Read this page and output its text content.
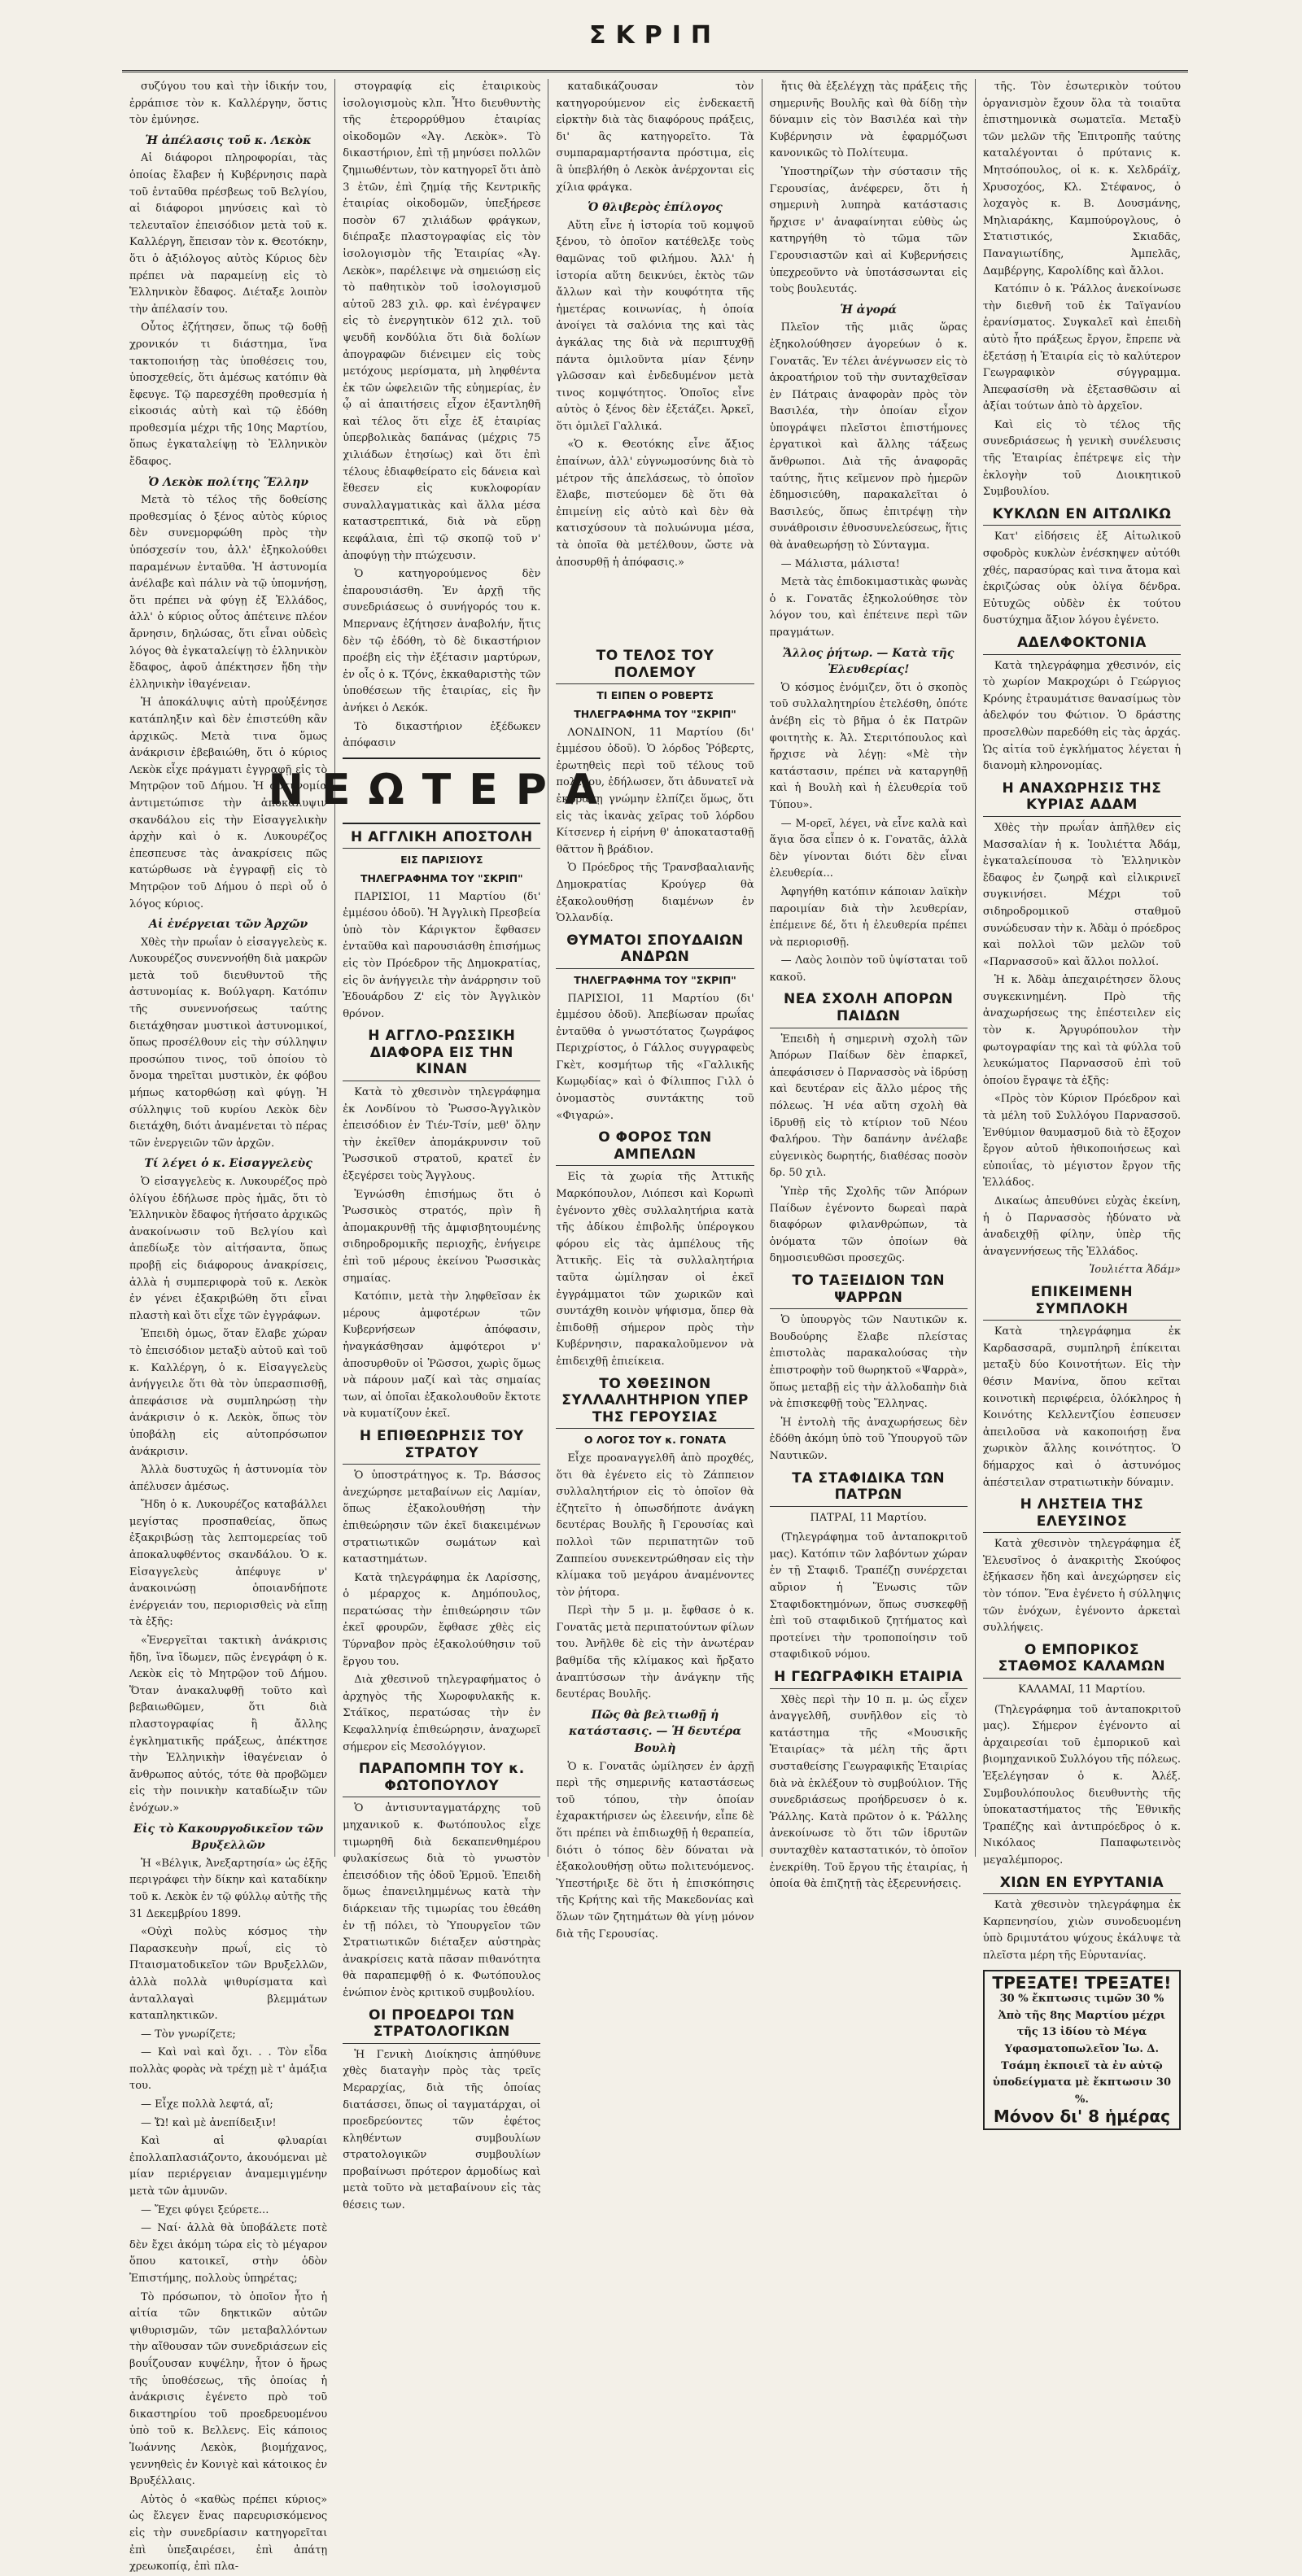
ΣΚΡΙΠ

συζύγου του καὶ τὴν ἰδικήν του, ἐρράπισε τὸν κ. Καλλέργην, ὅστις τὸν ἐμύνησε.

Ἡ ἀπέλασις τοῦ κ. Λεκὸκ

Αἱ διάφοροι πληροφορίαι, τὰς ὁποίας ἔλαβεν ἡ Κυβέρνησις παρὰ τοῦ ἐνταῦθα πρέσβεως τοῦ Βελγίου, αἱ διάφοροι μηνύσεις καὶ τὸ τελευταῖον ἐπεισόδιον μετὰ τοῦ κ. Καλλέργη, ἔπεισαν τὸν κ. Θεοτόκην, ὅτι ὁ ἀξιόλογος αὐτὸς Κύριος δὲν πρέπει νὰ παραμείνῃ εἰς τὸ Ἑλληνικὸν ἔδαφος. Διέταξε λοιπὸν τὴν ἀπέλασίν του.

Οὗτος ἐζήτησεν, ὅπως τῷ δοθῇ χρονικόν τι διάστημα, ἵνα τακτοποιήσῃ τὰς ὑποθέσεις του, ὑποσχεθείς, ὅτι ἀμέσως κατόπιν θὰ ἔφευγε. Τῷ παρεσχέθη προθεσμία ἡ εἰκοσιάς αὐτὴ καὶ τῷ ἐδόθη προθεσμία μέχρι τῆς 10ης Μαρτίου, ὅπως ἐγκαταλείψῃ τὸ Ἑλληνικὸν ἔδαφος.

Ὁ Λεκὸκ πολίτης Ἕλλην

Μετὰ τὸ τέλος τῆς δοθείσης προθεσμίας ὁ ξένος αὐτὸς κύριος δὲν συνεμορφώθη πρὸς τὴν ὑπόσχεσίν του, ἀλλ' ἐξηκολούθει παραμένων ἐνταῦθα. Ἡ ἀστυνομία ἀνέλαβε καὶ πάλιν νὰ τῷ ὑπομνήσῃ, ὅτι πρέπει νὰ φύγῃ ἐξ Ἑλλάδος, ἀλλ' ὁ κύριος οὗτος ἀπέτεινε πλέον ἄρνησιν, δηλώσας, ὅτι εἶναι οὐδεὶς λόγος θὰ ἐγκαταλείψῃ τὸ ἑλληνικὸν ἔδαφος, ἀφοῦ ἀπέκτησεν ἤδη τὴν ἑλληνικὴν ἰθαγένειαν.

Ἡ ἀποκάλυψις αὐτὴ προὐξένησε κατάπληξιν καὶ δὲν ἐπιστεύθη κἂν ἀρχικῶς. Μετὰ τινα ὅμως ἀνάκρισιν ἐβεβαιώθη, ὅτι ὁ κύριος Λεκὸκ εἶχε πράγματι ἐγγραφῇ εἰς τὸ Μητρῷον τοῦ Δήμου. Ἡ ἀστυνομία ἀντιμετώπισε τὴν ἀποκάλυψιν σκανδάλου εἰς τὴν Εἰσαγγελικὴν ἀρχὴν καὶ ὁ κ. Λυκουρέζος ἐπεσπευσε τὰς ἀνακρίσεις πῶς κατώρθωσε νὰ ἐγγραφῇ εἰς τὸ Μητρῷον τοῦ Δήμου ὁ περὶ οὗ ὁ λόγος κύριος.

Αἱ ἐνέργειαι τῶν Ἀρχῶν

Χθὲς τὴν πρωΐαν ὁ εἰσαγγελεὺς κ. Λυκουρέζος συνεννοήθη διὰ μακρῶν μετὰ τοῦ διευθυντοῦ τῆς ἀστυνομίας κ. Βούλγαρη. Κατόπιν τῆς συνεννοήσεως ταύτης διετάχθησαν μυστικοὶ ἀστυνομικοί, ὅπως προσέλθουν εἰς τὴν σύλληψιν προσώπου τινος, τοῦ ὁποίου τὸ ὄνομα τηρεῖται μυστικὸν, ἐκ φόβου μήπως κατορθώσῃ καὶ φύγῃ. Ἡ σύλληψις τοῦ κυρίου Λεκὸκ δὲν διετάχθη, διότι ἀναμένεται τὸ πέρας τῶν ἐνεργειῶν τῶν ἀρχῶν.

Τί λέγει ὁ κ. Εἰσαγγελεὺς

Ὁ εἰσαγγελεὺς κ. Λυκουρέζος πρὸ ὀλίγου ἐδήλωσε πρὸς ἡμᾶς, ὅτι τὸ Ἑλληνικὸν ἔδαφος ἠτήσατο ἀρχικῶς ἀνακοίνωσιν τοῦ Βελγίου καὶ ἀπεδίωξε τὸν αἰτήσαντα, ὅπως προβῇ εἰς διάφορους ἀνακρίσεις, ἀλλὰ ἡ συμπεριφορὰ τοῦ κ. Λεκὸκ ἐν γένει ἐξακριβώθη ὅτι εἶναι πλαστὴ καὶ ὅτι εἶχε τῶν ἐγγράφων.

Ἐπειδὴ ὁμως, ὅταν ἔλαβε χώραν τὸ ἐπεισόδιον μεταξὺ αὐτοῦ καὶ τοῦ κ. Καλλέργη, ὁ κ. Εἰσαγγελεὺς ἀνήγγειλε ὅτι θὰ τὸν ὑπερασπισθῇ, ἀπεφάσισε νὰ συμπληρώσῃ τὴν ἀνάκρισιν ὁ κ. Λεκὸκ, ὅπως τὸν ὑποβάλῃ εἰς αὐτοπρόσωπον ἀνάκρισιν.

Ἀλλὰ δυστυχῶς ἡ ἀστυνομία τὸν ἀπέλυσεν ἀμέσως.

Ἤδη ὁ κ. Λυκουρέζος καταβάλλει μεγίστας προσπαθείας, ὅπως ἐξακριβώσῃ τὰς λεπτομερείας τοῦ ἀποκαλυφθέντος σκανδάλου. Ὁ κ. Εἰσαγγελεὺς ἀπέφυγε ν' ἀνακοινώσῃ ὁποιανδήποτε ἐνέργειάν του, περιορισθεὶς νὰ εἴπῃ τὰ ἑξῆς:

«Ἐνεργεῖται τακτικὴ ἀνάκρισις ἤδη, ἵνα ἴδωμεν, πῶς ἐνεγράφη ὁ κ. Λεκὸκ εἰς τὸ Μητρῷον τοῦ Δήμου. Ὅταν ἀνακαλυφθῇ τοῦτο καὶ βεβαιωθῶμεν, ὅτι διὰ πλαστογραφίας ἢ ἄλλης ἐγκληματικῆς πράξεως, ἀπέκτησε τὴν Ἑλληνικὴν ἰθαγένειαν ὁ ἄνθρωπος αὐτός, τότε θὰ προβῶμεν εἰς τὴν ποινικὴν καταδίωξιν τῶν ἐνόχων.»

Εἰς τὸ Κακουργοδικεῖον τῶν Βρυξελλῶν

Ἡ «Βέλγικ, Ἀνεξαρτησία» ὡς ἑξῆς περιγράφει τὴν δίκην καὶ καταδίκην τοῦ κ. Λεκὸκ ἐν τῷ φύλλῳ αὐτῆς τῆς 31 Δεκεμβρίου 1899.

«Οὐχὶ πολὺς κόσμος τὴν Παρασκευὴν πρωΐ, εἰς τὸ Πταισματοδικεῖον τῶν Βρυξελλῶν, ἀλλὰ πολλὰ ψιθυρίσματα καὶ ἀνταλλαγαὶ βλεμμάτων καταπληκτικῶν.

— Τὸν γνωρίζετε;

— Καὶ ναὶ καὶ ὄχι. . . Τὸν εἶδα πολλὰς φορὰς νὰ τρέχῃ μὲ τ' ἁμάξια του.

— Εἶχε πολλὰ λεφτά, αἴ;

— Ὤ! καὶ μὲ ἀνεπίδειξιν!

Καὶ αἱ φλυαρίαι ἐπολλαπλασιάζοντο, ἀκουόμεναι μὲ μίαν περιέργειαν ἀναμεμιγμένην μετὰ τῶν ἀμυνῶν.

— Ἔχει φύγει ξεύρετε...

— Ναί· ἀλλὰ θὰ ὑποβάλετε ποτὲ δὲν ἔχει ἀκόμη τώρα εἰς τὸ μέγαρον ὅπου κατοικεῖ, στὴν ὁδὸν Ἐπιστήμης, πολλοὺς ὑπηρέτας;

Τὸ πρόσωπον, τὸ ὁποῖον ἦτο ἡ αἰτία τῶν δηκτικῶν αὐτῶν ψιθυρισμῶν, τῶν μεταβαλλόντων τὴν αἴθουσαν τῶν συνεδριάσεων εἰς βουΐζουσαν κυψέλην, ἦτον ὁ ἥρως τῆς ὑποθέσεως, τῆς ὁποίας ἡ ἀνάκρισις ἐγένετο πρὸ τοῦ δικαστηρίου τοῦ προεδρευομένου ὑπὸ τοῦ κ. Βελλενς. Εἰς κάποιος Ἰωάννης Λεκὸκ, βιομήχανος, γεννηθεὶς ἐν Κονιγὲ καὶ κάτοικος ἐν Βρυξέλλαις.

Αὐτὸς ὁ «καθὼς πρέπει κύριος» ὡς ἔλεγεν ἕνας παρευρισκόμενος εἰς τὴν συνεδρίασιν κατηγορεῖται ἐπὶ ὑπεξαιρέσει, ἐπὶ ἀπάτῃ χρεωκοπίᾳ, ἐπὶ πλα-

στογραφίᾳ εἰς ἑταιρικοὺς ἰσολογισμοὺς κλπ. Ἦτο διευθυντὴς τῆς ἑτερορρύθμου ἑταιρίας οἰκοδομῶν «Ἀγ. Λεκὸκ». Τὸ δικαστήριον, ἐπὶ τῇ μηνύσει πολλῶν ζημιωθέντων, τὸν κατηγορεῖ ὅτι ἀπὸ 3 ἐτῶν, ἐπὶ ζημίᾳ τῆς Κεντρικῆς ἑταιρίας οἰκοδομῶν, ὑπεξήρεσε ποσὸν 67 χιλιάδων φράγκων, διέπραξε πλαστογραφίας εἰς τὸν ἰσολογισμὸν τῆς Ἑταιρίας «Ἀγ. Λεκὸκ», παρέλειψε νὰ σημειώσῃ εἰς τὸ παθητικὸν τοῦ ἰσολογισμοῦ αὐτοῦ 283 χιλ. φρ. καὶ ἐνέγραψεν εἰς τὸ ἐνεργητικὸν 612 χιλ. τοῦ ψευδῆ κονδύλια ὅτι διὰ δολίων ἀπογραφῶν διένειμεν εἰς τοὺς μετόχους μερίσματα, μὴ ληφθέντα ἐκ τῶν ὠφελειῶν τῆς εὐημερίας, ἐν ᾧ αἱ ἀπαιτήσεις εἶχον ἐξαντληθῆ καὶ τέλος ὅτι εἶχε ἐξ ἐταιρίας ὑπερβολικὰς δαπάνας (μέχρις 75 χιλιάδων ἐτησίως) καὶ ὅτι ἐπὶ τέλους ἐδιαφθείρατο εἰς δάνεια καὶ ἔθεσεν εἰς κυκλοφορίαν συναλλαγματικὰς καὶ ἄλλα μέσα καταστρεπτικά, διὰ νὰ εὕρῃ κεφάλαια, ἐπὶ τῷ σκοπῷ τοῦ ν' ἀποφύγῃ τὴν πτώχευσιν.

Ὁ κατηγορούμενος δὲν ἐπαρουσιάσθη. Ἐν ἀρχῇ τῆς συνεδριάσεως ὁ συνήγορός του κ. Μπερνανς ἐζήτησεν ἀναβολήν, ἥτις δὲν τῷ ἐδόθη, τὸ δὲ δικαστήριον προέβη εἰς τὴν ἐξέτασιν μαρτύρων, ἐν οἷς ὁ κ. Τζόνς, ἐκκαθαριστὴς τῶν ὑποθέσεων τῆς ἑταιρίας, εἰς ἣν ἀνήκει ὁ Λεκόκ.

Τὸ δικαστήριον ἐξέδωκεν ἀπόφασιν

ΝΕΩΤΕΡΑ
Η ΑΓΓΛΙΚΗ ΑΠΟΣΤΟΛΗ
ΕΙΣ ΠΑΡΙΣΙΟΥΣ
ΤΗΛΕΓΡΑΦΗΜΑ ΤΟΥ "ΣΚΡΙΠ"

ΠΑΡΙΣΙΟΙ, 11 Μαρτίου (δι' ἐμμέσου ὁδοῦ). Ἡ Ἀγγλικὴ Πρεσβεία ὑπὸ τὸν Κάριγκτον ἔφθασεν ἐνταῦθα καὶ παρουσιάσθη ἐπισήμως εἰς τὸν Πρόεδρον τῆς Δημοκρατίας, εἰς ὃν ἀνήγγειλε τὴν ἀνάρρησιν τοῦ Ἐδουάρδου Ζ' εἰς τὸν Ἀγγλικὸν θρόνον.

Η ΑΓΓΛΟ-ΡΩΣΣΙΚΗ ΔΙΑΦΟΡΑ ΕΙΣ ΤΗΝ ΚΙΝΑΝ

Κατὰ τὸ χθεσινὸν τηλεγράφημα ἐκ Λονδίνου τὸ Ῥωσσο-Ἀγγλικὸν ἐπεισόδιον ἐν Τιέν-Τσίν, μεθ' ὅλην τὴν ἐκεῖθεν ἀπομάκρυνσιν τοῦ Ῥωσσικοῦ στρατοῦ, κρατεῖ ἐν ἐξεγέρσει τοὺς Ἄγγλους.

Ἐγνώσθη ἐπισήμως ὅτι ὁ Ῥωσσικὸς στρατός, πρὶν ἢ ἀπομακρυνθῇ τῆς ἀμφισβητουμένης σιδηροδρομικῆς περιοχῆς, ἐνήγειρε ἐπὶ τοῦ μέρους ἐκείνου Ῥωσσικὰς σημαίας.

Κατόπιν, μετὰ τὴν ληφθεῖσαν ἐκ μέρους ἀμφοτέρων τῶν Κυβερνήσεων ἀπόφασιν, ἠναγκάσθησαν ἀμφότεροι ν' ἀποσυρθοῦν οἱ Ῥῶσσοι, χωρὶς ὅμως νὰ πάρουν μαζί καὶ τὰς σημαίας των, αἱ ὁποῖαι ἐξακολουθοῦν ἔκτοτε νὰ κυματίζουν ἐκεῖ.

Η ΕΠΙΘΕΩΡΗΣΙΣ ΤΟΥ ΣΤΡΑΤΟΥ

Ὁ ὑποστράτηγος κ. Τρ. Βάσσος ἀνεχώρησε μεταβαίνων εἰς Λαμίαν, ὅπως ἐξακολουθήσῃ τὴν ἐπιθεώρησιν τῶν ἐκεῖ διακειμένων στρατιωτικῶν σωμάτων καὶ καταστημάτων.

Κατὰ τηλεγράφημα ἐκ Λαρίσσης, ὁ μέραρχος κ. Δημόπουλος, περατώσας τὴν ἐπιθεώρησιν τῶν ἐκεῖ φρουρῶν, ἔφθασε χθὲς εἰς Τύρναβον πρὸς ἐξακολούθησιν τοῦ ἔργου του.

Διὰ χθεσινοῦ τηλεγραφήματος ὁ ἀρχηγὸς τῆς Χωροφυλακῆς κ. Στάϊκος, περατώσας τὴν ἐν Κεφαλληνίᾳ ἐπιθεώρησιν, ἀναχωρεῖ σήμερον εἰς Μεσολόγγιον.

ΠΑΡΑΠΟΜΠΗ ΤΟΥ κ. ΦΩΤΟΠΟΥΛΟΥ

Ὁ ἀντισυνταγματάρχης τοῦ μηχανικοῦ κ. Φωτόπουλος εἶχε τιμωρηθῆ διὰ δεκαπενθημέρου φυλακίσεως διὰ τὸ γνωστὸν ἐπεισόδιον τῆς ὁδοῦ Ἑρμοῦ. Ἐπειδὴ ὅμως ἐπανειλημμένως κατὰ τὴν διάρκειαν τῆς τιμωρίας του ἐθεάθη ἐν τῇ πόλει, τὸ Ὑπουργεῖον τῶν Στρατιωτικῶν διέταξεν αὐστηρὰς ἀνακρίσεις κατὰ πᾶσαν πιθανότητα θὰ παραπεμφθῇ ὁ κ. Φωτόπουλος ἐνώπιον ἑνὸς κριτικοῦ συμβουλίου.

ΟΙ ΠΡΟΕΔΡΟΙ ΤΩΝ ΣΤΡΑΤΟΛΟΓΙΚΩΝ

Ἡ Γενικὴ Διοίκησις ἀπηύθυνε χθὲς διαταγὴν πρὸς τὰς τρεῖς Μεραρχίας, διὰ τῆς ὁποίας διατάσσει, ὅπως οἱ ταγματάρχαι, οἱ προεδρεύοντες τῶν ἐφέτος κληθέντων συμβουλίων στρατολογικῶν συμβουλίων προβαίνωσι πρότερον ἁρμοδίως καὶ μετὰ τοῦτο νὰ μεταβαίνουν εἰς τὰς θέσεις των.

καταδικάζουσαν τὸν κατηγορούμενον εἰς ἐνδεκαετῆ εἱρκτὴν διὰ τὰς διαφόρους πράξεις, δι' ἃς κατηγορεῖτο. Τὰ συμπαραμαρτήσαντα πρόστιμα, εἰς ἃ ὑπεβλήθη ὁ Λεκὸκ ἀνέρχονται εἰς χίλια φράγκα.

Ὁ θλιβερὸς ἐπίλογος

Αὕτη εἶνε ἡ ἱστορία τοῦ κομψοῦ ξένου, τὸ ὁποῖον κατέθελξε τοὺς θαμῶνας τοῦ φιλήμου. Ἀλλ' ἡ ἱστορία αὕτη δεικνύει, ἐκτὸς τῶν ἄλλων καὶ τὴν κουφότητα τῆς ἡμετέρας κοινωνίας, ἡ ὁποία ἀνοίγει τὰ σαλόνια της καὶ τὰς ἀγκάλας της διὰ νὰ περιπτυχθῇ πάντα ὁμιλοῦντα μίαν ξένην γλῶσσαν καὶ ἐνδεδυμένον μετὰ τινος κομψότητος. Ὁποῖος εἶνε αὐτὸς ὁ ξένος δὲν ἐξετάζει. Ἀρκεῖ, ὅτι ὁμιλεῖ Γαλλικά.

«Ὁ κ. Θεοτόκης εἶνε ἄξιος ἐπαίνων, ἀλλ' εὐγνωμοσύνης διὰ τὸ μέτρον τῆς ἀπελάσεως, τὸ ὁποῖον ἔλαβε, πιστεύομεν δὲ ὅτι θὰ ἐπιμείνῃ εἰς αὐτὸ καὶ δὲν θὰ κατισχύσουν τὰ πολυώνυμα μέσα, τὰ ὁποῖα θὰ μετέλθουν, ὥστε νὰ ἀποσυρθῇ ἡ ἀπόφασις.»

ΤΟ ΤΕΛΟΣ ΤΟΥ ΠΟΛΕΜΟΥ
ΤΙ ΕΙΠΕΝ Ο ΡΟΒΕΡΤΣ
ΤΗΛΕΓΡΑΦΗΜΑ ΤΟΥ "ΣΚΡΙΠ"

ΛΟΝΔΙΝΟΝ, 11 Μαρτίου (δι' ἐμμέσου ὁδοῦ). Ὁ λόρδος Ῥόβερτς, ἐρωτηθεὶς περὶ τοῦ τέλους τοῦ πολέμου, ἐδήλωσεν, ὅτι ἀδυνατεῖ νὰ ἐκφράσῃ γνώμην ἐλπίζει ὅμως, ὅτι εἰς τὰς ἱκανὰς χεῖρας τοῦ λόρδου Κίτσενερ ἡ εἰρήνη θ' ἀποκατασταθῇ θᾶττον ἢ βράδιον.

Ὁ Πρόεδρος τῆς Τρανσβααλιανῆς Δημοκρατίας Κρούγερ θὰ ἐξακολουθήσῃ διαμένων ἐν Ὁλλανδίᾳ.

ΘΥΜΑΤΟΙ ΣΠΟΥΔΑΙΩΝ ΑΝΔΡΩΝ
ΤΗΛΕΓΡΑΦΗΜΑ ΤΟΥ "ΣΚΡΙΠ"

ΠΑΡΙΣΙΟΙ, 11 Μαρτίου (δι' ἐμμέσου ὁδοῦ). Ἀπεβίωσαν πρωΐας ἐνταῦθα ὁ γνωστότατος ζωγράφος Περιχρίστος, ὁ Γάλλος συγγραφεὺς Γκὲτ, κοσμήτωρ τῆς «Γαλλικῆς Κωμῳδίας» καὶ ὁ Φίλιππος Γιλλ ὁ ὀνομαστὸς συντάκτης τοῦ «Φιγαρώ».

Ο ΦΟΡΟΣ ΤΩΝ ΑΜΠΕΛΩΝ

Εἰς τὰ χωρία τῆς Ἀττικῆς Μαρκόπουλον, Λιόπεσι καὶ Κορωπὶ ἐγένοντο χθὲς συλλαλητήρια κατὰ τῆς ἀδίκου ἐπιβολῆς ὑπέρογκου φόρου εἰς τὰς ἀμπέλους τῆς Ἀττικῆς. Εἰς τὰ συλλαλητήρια ταῦτα ὡμίλησαν οἱ ἐκεῖ ἐγγράμματοι τῶν χωρικῶν καὶ συντάχθη κοινὸν ψήφισμα, ὅπερ θὰ ἐπιδοθῇ σήμερον πρὸς τὴν Κυβέρνησιν, παρακαλοῦμενον νὰ ἐπιδειχθῇ ἐπιείκεια.

ΤΟ ΧΘΕΣΙΝΟΝ ΣΥΛΛΑΛΗΤΗΡΙΟΝ ΥΠΕΡ ΤΗΣ ΓΕΡΟΥΣΙΑΣ
Ο ΛΟΓΟΣ ΤΟΥ κ. ΓΟΝΑΤΑ

Εἶχε προαναγγελθῆ ἀπὸ προχθές, ὅτι θὰ ἐγένετο εἰς τὸ Ζάππειον συλλαλητήριον εἰς τὸ ὁποῖον θὰ ἐζητεῖτο ἡ ὁπωσδήποτε ἀνάγκη δευτέρας Βουλῆς ἢ Γερουσίας καὶ πολλοὶ τῶν περιπατητῶν τοῦ Ζαππείου συνεκεντρώθησαν εἰς τὴν κλίμακα τοῦ μεγάρου ἀναμένοντες τὸν ῥήτορα.

Περὶ τὴν 5 μ. μ. ἔφθασε ὁ κ. Γονατᾶς μετὰ περιπατούντων φίλων του. Ἀνῆλθε δὲ εἰς τὴν ἀνωτέραν βαθμίδα τῆς κλίμακος καὶ ἤρξατο ἀναπτύσσων τὴν ἀνάγκην τῆς δευτέρας Βουλῆς.

Πῶς θὰ βελτιωθῇ ἡ κατάστασις. — Ἡ δευτέρα Βουλὴ

Ὁ κ. Γονατᾶς ὡμίλησεν ἐν ἀρχῇ περὶ τῆς σημερινῆς καταστάσεως τοῦ τόπου, τὴν ὁποίαν ἐχαρακτήρισεν ὡς ἐλεεινήν, εἶπε δὲ ὅτι πρέπει νὰ ἐπιδιωχθῇ ἡ θεραπεία, διότι ὁ τόπος δὲν δύναται νὰ ἐξακολουθήσῃ οὕτω πολιτευόμενος. Ὑπεστήριξε δὲ ὅτι ἡ ἐπισκόπησις τῆς Κρήτης καὶ τῆς Μακεδονίας καὶ ὅλων τῶν ζητημάτων θὰ γίνῃ μόνον διὰ τῆς Γερουσίας.

ἥτις θὰ ἐξελέγχῃ τὰς πράξεις τῆς σημερινῆς Βουλῆς καὶ θὰ δίδῃ τὴν δύναμιν εἰς τὸν Βασιλέα καὶ τὴν Κυβέρνησιν νὰ ἐφαρμόζωσι κανονικῶς τὸ Πολίτευμα.

Ὑποστηρίζων τὴν σύστασιν τῆς Γερουσίας, ἀνέφερεν, ὅτι ἡ σημερινὴ λυπηρὰ κατάστασις ἤρχισε ν' ἀναφαίνηται εὐθὺς ὡς κατηργήθη τὸ τῶμα τῶν Γερουσιαστῶν καὶ αἱ Κυβερνήσεις ὑπεχρεοῦντο νὰ ὑποτάσσωνται εἰς τοὺς βουλευτάς.

Ἡ ἀγορά

Πλεῖον τῆς μιᾶς ὥρας ἐξηκολούθησεν ἀγορεύων ὁ κ. Γονατᾶς. Ἐν τέλει ἀνέγνωσεν εἰς τὸ ἀκροατήριον τοῦ τὴν συνταχθεῖσαν ἐν Πάτραις ἀναφορὰν πρὸς τὸν Βασιλέα, τὴν ὁποίαν εἶχον ὑπογράψει πλεῖστοι ἐπιστήμονες ἐργατικοὶ καὶ ἄλλης τάξεως ἄνθρωποι. Διὰ τῆς ἀναφορᾶς ταύτης, ἥτις κεῖμενον πρὸ ἡμερῶν ἐδημοσιεύθη, παρακαλεῖται ὁ Βασιλεύς, ὅπως ἐπιτρέψῃ τὴν συνάθροισιν ἐθνοσυνελεύσεως, ἥτις θὰ ἀναθεωρήσῃ τὸ Σύνταγμα.

— Μάλιστα, μάλιστα!

Μετὰ τὰς ἐπιδοκιμαστικὰς φωνὰς ὁ κ. Γονατᾶς ἐξηκολούθησε τὸν λόγον του, καὶ ἐπέτεινε περὶ τῶν πραγμάτων.

Ἄλλος ῥήτωρ. — Κατὰ τῆς Ἐλευθερίας!

Ὁ κόσμος ἐνόμιζεν, ὅτι ὁ σκοπὸς τοῦ συλλαλητηρίου ἐτελέσθη, ὁπότε ἀνέβη εἰς τὸ βῆμα ὁ ἐκ Πατρῶν φοιτητὴς κ. Ἀλ. Στεριτόπουλος καὶ ἤρχισε νὰ λέγῃ: «Μὲ τὴν κατάστασιν, πρέπει νὰ καταργηθῇ καὶ ἡ Βουλὴ καὶ ἡ ἐλευθερία τοῦ Τύπου».

— Μ-ορεῖ, λέγει, νὰ εἶνε καλὰ καὶ ἅγια ὅσα εἶπεν ὁ κ. Γονατᾶς, ἀλλὰ δὲν γίνονται διότι δὲν εἶναι ἐλευθερία...

Ἀφηγήθη κατόπιν κάποιαν λαϊκὴν παροιμίαν διὰ τὴν λευθερίαν, ἐπέμεινε δέ, ὅτι ἡ ἐλευθερία πρέπει νὰ περιορισθῇ.

— Λαὸς λοιπὸν τοῦ ὑψίσταται τοῦ κακοῦ.

ΝΕΑ ΣΧΟΛΗ ΑΠΟΡΩΝ ΠΑΙΔΩΝ

Ἐπειδὴ ἡ σημερινὴ σχολὴ τῶν Ἀπόρων Παίδων δὲν ἐπαρκεῖ, ἀπεφάσισεν ὁ Παρνασσὸς νὰ ἱδρύσῃ καὶ δευτέραν εἰς ἄλλο μέρος τῆς πόλεως. Ἡ νέα αὕτη σχολὴ θὰ ἱδρυθῇ εἰς τὸ κτίριον τοῦ Νέου Φαλήρου. Τὴν δαπάνην ἀνέλαβε εὐγενικὸς δωρητής, διαθέσας ποσὸν δρ. 50 χιλ.

Ὑπὲρ τῆς Σχολῆς τῶν Ἀπόρων Παίδων ἐγένοντο δωρεαὶ παρὰ διαφόρων φιλανθρώπων, τὰ ὀνόματα τῶν ὁποίων θὰ δημοσιευθῶσι προσεχῶς.

ΤΟ ΤΑΞΕΙΔΙΟΝ ΤΩΝ ΨΑΡΡΩΝ

Ὁ ὑπουργὸς τῶν Ναυτικῶν κ. Βουδούρης ἔλαβε πλείστας ἐπιστολὰς παρακαλούσας τὴν ἐπιστροφὴν τοῦ θωρηκτοῦ «Ψαρρὰ», ὅπως μεταβῇ εἰς τὴν ἀλλοδαπὴν διὰ νὰ ἐπισκεφθῇ τοὺς Ἕλληνας.

Ἡ ἐντολὴ τῆς ἀναχωρήσεως δὲν ἐδόθη ἀκόμη ὑπὸ τοῦ Ὑπουργοῦ τῶν Ναυτικῶν.

ΤΑ ΣΤΑΦΙΔΙΚΑ ΤΩΝ ΠΑΤΡΩΝ
ΠΑΤΡΑΙ, 11 Μαρτίου.

(Τηλεγράφημα τοῦ ἀνταποκριτοῦ μας). Κατόπιν τῶν λαβόντων χώραν ἐν τῇ Σταφιδ. Τραπέζῃ συνέρχεται αὔριον ἡ Ἕνωσις τῶν Σταφιδοκτημόνων, ὅπως συσκεφθῇ ἐπὶ τοῦ σταφιδικοῦ ζητήματος καὶ προτείνει τὴν τροποποίησιν τοῦ σταφιδικοῦ νόμου.

Η ΓΕΩΓΡΑΦΙΚΗ ΕΤΑΙΡΙΑ

Χθὲς περὶ τὴν 10 π. μ. ὡς εἶχεν ἀναγγελθῆ, συνῆλθον εἰς τὸ κατάστημα τῆς «Μουσικῆς Ἑταιρίας» τὰ μέλη τῆς ἄρτι συσταθείσης Γεωγραφικῆς Ἑταιρίας διὰ νὰ ἐκλέξουν τὸ συμβούλιον. Τῆς συνεδριάσεως προήδρευσεν ὁ κ. Ῥάλλης. Κατὰ πρῶτον ὁ κ. Ῥάλλης ἀνεκοίνωσε τὸ ὅτι τῶν ἱδρυτῶν συνταχθὲν καταστατικόν, τὸ ὁποῖον ἐνεκρίθη. Τοῦ ἔργου τῆς ἑταιρίας, ἡ ὁποία θὰ ἐπιζητῇ τὰς ἐξερευνήσεις.

τῆς. Τὸν ἐσωτερικὸν τούτου ὀργανισμὸν ἔχουν ὅλα τὰ τοιαῦτα ἐπιστημονικὰ σωματεῖα. Μεταξὺ τῶν μελῶν τῆς Ἐπιτροπῆς ταύτης καταλέγονται ὁ πρύτανις κ. Μητσόπουλος, οἱ κ. κ. Χελδράϊχ, Χρυσοχόος, Κλ. Στέφανος, ὁ λοχαγὸς κ. Β. Δουσμάνης, Μηλιαράκης, Καμπούρογλους, ὁ Στατιστικός, Σκιαδᾶς, Παναγιωτίδης, Ἀμπελᾶς, Δαμβέργης, Καρολίδης καὶ ἄλλοι.

Κατόπιν ὁ κ. Ῥάλλος ἀνεκοίνωσε τὴν διεθνῆ τοῦ ἐκ Ταϊγανίου ἐρανίσματος. Συγκαλεῖ καὶ ἐπειδὴ αὐτὸ ἦτο πράξεως ἔργον, ἔπρεπε νὰ ἐξετάσῃ ἡ Ἑταιρία εἰς τὸ καλύτερον Γεωγραφικὸν σύγγραμμα. Ἀπεφασίσθη νὰ ἐξετασθῶσιν αἱ ἀξίαι τούτων ἀπὸ τὸ ἀρχεῖον.

Καὶ εἰς τὸ τέλος τῆς συνεδριάσεως ἡ γενικὴ συνέλευσις τῆς Ἑταιρίας ἐπέτρεψε εἰς τὴν ἐκλογὴν τοῦ Διοικητικοῦ Συμβουλίου.

ΚΥΚΛΩΝ ΕΝ ΑΙΤΩΛΙΚΩ

Κατ' εἰδήσεις ἐξ Αἰτωλικοῦ σφοδρὸς κυκλὼν ἐνέσκηψεν αὐτόθι χθές, παρασύρας καὶ τινα ἄτομα καὶ ἐκριζώσας οὐκ ὀλίγα δένδρα. Εὐτυχῶς οὐδὲν ἐκ τούτου δυστύχημα ἄξιον λόγου ἐγένετο.

ΑΔΕΛΦΟΚΤΟΝΙΑ

Κατὰ τηλεγράφημα χθεσινόν, εἰς τὸ χωρίον Μακροχώρι ὁ Γεώργιος Κρόνης ἐτραυμάτισε θανασίμως τὸν ἀδελφόν του Φώτιον. Ὁ δράστης προσελθὼν παρεδόθη εἰς τὰς ἀρχάς. Ὡς αἰτία τοῦ ἐγκλήματος λέγεται ἡ διανομὴ κληρονομίας.

Η ΑΝΑΧΩΡΗΣΙΣ ΤΗΣ ΚΥΡΙΑΣ ΑΔΑΜ

Χθὲς τὴν πρωΐαν ἀπῆλθεν εἰς Μασσαλίαν ἡ κ. Ἰουλιέττα Ἀδάμ, ἐγκαταλείπουσα τὸ Ἑλληνικὸν ἔδαφος ἐν ζωηρᾷ καὶ εἰλικρινεῖ συγκινήσει. Μέχρι τοῦ σιδηροδρομικοῦ σταθμοῦ συνώδευσαν τὴν κ. Ἀδὰμ ὁ πρόεδρος καὶ πολλοὶ τῶν μελῶν τοῦ «Παρνασσοῦ» καὶ ἄλλοι πολλοί.

Ἡ κ. Ἀδὰμ ἀπεχαιρέτησεν ὅλους συγκεκινημένη. Πρὸ τῆς ἀναχωρήσεως της ἐπέστειλεν εἰς τὸν κ. Ἀργυρόπουλον τὴν φωτογραφίαν της καὶ τὰ φύλλα τοῦ λευκώματος Παρνασσοῦ ἐπὶ τοῦ ὁποίου ἔγραψε τὰ ἑξῆς:

«Πρὸς τὸν Κύριον Πρόεδρον καὶ τὰ μέλη τοῦ Συλλόγου Παρνασσοῦ. Ἐνθύμιον θαυμασμοῦ διὰ τὸ ἔξοχον ἔργον αὐτοῦ ἠθικοποιήσεως καὶ εὐποιΐας, τὸ μέγιστον ἔργον τῆς Ἑλλάδος.

Δικαίως ἀπευθύνει εὐχὰς ἐκείνη, ἡ ὁ Παρνασσὸς ἠδύνατο νὰ ἀναδειχθῇ φίλην, ὑπὲρ τῆς ἀναγεννήσεως τῆς Ἑλλάδος.

Ἰουλιέττα Ἀδάμ»
ΕΠΙΚΕΙΜΕΝΗ ΣΥΜΠΛΟΚΗ

Κατὰ τηλεγράφημα ἐκ Καρδασσαρᾶ, συμπληρῆ ἐπίκειται μεταξὺ δύο Κοινοτήτων. Εἰς τὴν θέσιν Μανίνα, ὅπου κεῖται κοινοτικὴ περιφέρεια, ὁλόκληρος ἡ Κοινότης Κελλεντζίου ἐσπευσεν ἀπειλοῦσα νὰ κακοποιήσῃ ἕνα χωρικὸν ἄλλης κοινότητος. Ὁ δήμαρχος καὶ ὁ ἀστυνόμος ἀπέστειλαν στρατιωτικὴν δύναμιν.

Η ΛΗΣΤΕΙΑ ΤΗΣ ΕΛΕΥΣΙΝΟΣ

Κατὰ χθεσινὸν τηλεγράφημα ἐξ Ἐλευσῖνος ὁ ἀνακριτὴς Σκούφος ἐξήκασεν ἤδη καὶ ἀνεχώρησεν εἰς τὸν τόπον. Ἕνα ἐγένετο ἡ σύλληψις τῶν ἐνόχων, ἐγένοντο ἀρκεταὶ συλλήψεις.

Ο ΕΜΠΟΡΙΚΟΣ ΣΤΑΘΜΟΣ ΚΑΛΑΜΩΝ
ΚΑΛΑΜΑΙ, 11 Μαρτίου.

(Τηλεγράφημα τοῦ ἀνταποκριτοῦ μας). Σήμερον ἐγένοντο αἱ ἀρχαιρεσίαι τοῦ ἐμπορικοῦ καὶ βιομηχανικοῦ Συλλόγου τῆς πόλεως. Ἐξελέγησαν ὁ κ. Ἀλέξ. Συμβουλόπουλος διευθυντὴς τῆς ὑποκαταστήματος τῆς Ἐθνικῆς Τραπέζης καὶ ἀντιπρόεδρος ὁ κ. Νικόλαος Παπαφωτεινὸς μεγαλέμπορος.

ΧΙΩΝ ΕΝ ΕΥΡΥΤΑΝΙΑ

Κατὰ χθεσινὸν τηλεγράφημα ἐκ Καρπενησίου, χιὼν συνοδευομένη ὑπὸ δριμυτάτου ψύχους ἐκάλυψε τὰ πλεῖστα μέρη τῆς Εὐρυτανίας.

ΤΡΕΞΑΤΕ! ΤΡΕΞΑΤΕ!
30 % ἔκπτωσις τιμῶν 30 % Ἀπὸ τῆς 8ης Μαρτίου μέχρι τῆς 13 ἰδίου τὸ Μέγα Υφασματοπωλεῖον Ἰω. Δ. Τσάμη ἐκποιεῖ τὰ ἐν αὐτῷ ὑποδείγματα μὲ ἔκπτωσιν 30 %.
Μόνον δι' 8 ἡμέρας
